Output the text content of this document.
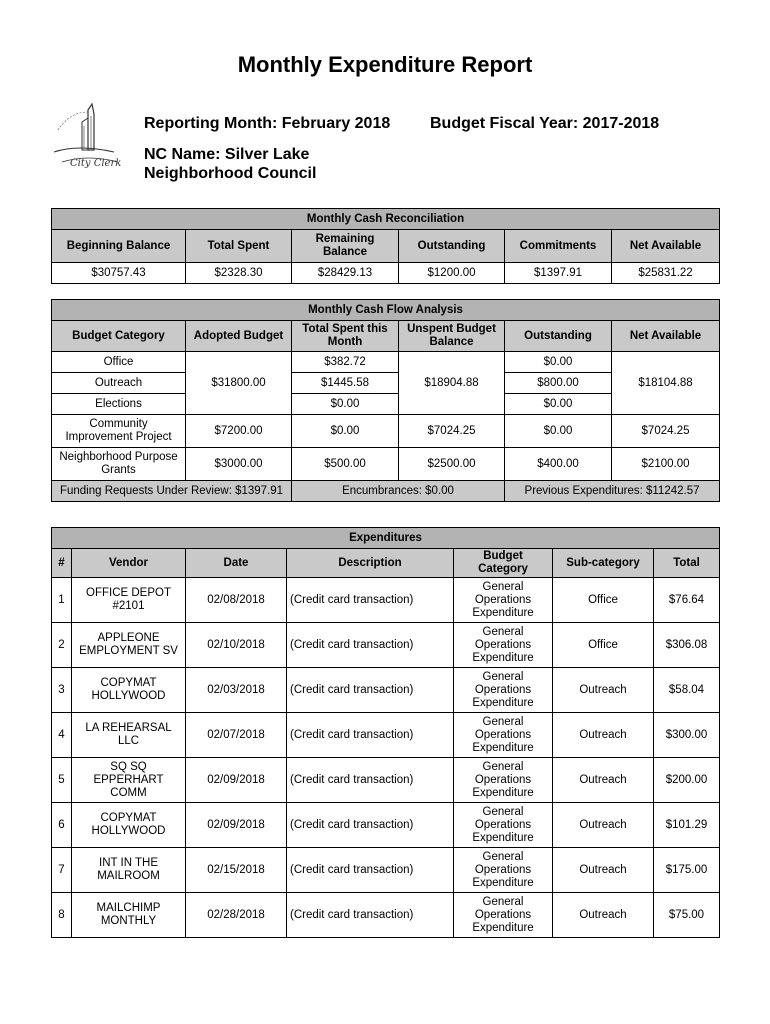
Monthly Expenditure Report
City Clerk
Reporting Month: February 2018 Budget Fiscal Year: 2017-2018
NC Name: Silver Lake
Neighborhood Council
Monthly Cash Reconciliation					
Beginning Balance	Total Spent	Remaining Balance	Outstanding	Commitments	Net Available
$30757.43	$2328.30	$28429.13	$1200.00	$1397.91	$25831.22
Monthly Cash Flow Analysis					
Budget Category	Adopted Budget	Total Spent this Month	Unspent Budget Balance	Outstanding	Net Available
Office	$31800.00	$382.72	$18904.88	$0.00	$18104.88
Outreach		$1445.58		$800.00	
Elections		$0.00		$0.00	
Community Improvement Project	$7200.00	$0.00	$7024.25	$0.00	$7024.25
Neighborhood Purpose Grants	$3000.00	$500.00	$2500.00	$400.00	$2100.00
Funding Requests Under Review: $1397.91		Encumbrances: $0.00		Previous Expenditures: $11242.57	
Expenditures						
#	Vendor	Date	Description	Budget Category	Sub-category	Total
1	OFFICE DEPOT #2101	02/08/2018	(Credit card transaction)	General Operations Expenditure	Office	$76.64
2	APPLEONE EMPLOYMENT SV	02/10/2018	(Credit card transaction)	General Operations Expenditure	Office	$306.08
3	COPYMAT HOLLYWOOD	02/03/2018	(Credit card transaction)	General Operations Expenditure	Outreach	$58.04
4	LA REHEARSAL LLC	02/07/2018	(Credit card transaction)	General Operations Expenditure	Outreach	$300.00
5	SQ SQ EPPERHART COMM	02/09/2018	(Credit card transaction)	General Operations Expenditure	Outreach	$200.00
6	COPYMAT HOLLYWOOD	02/09/2018	(Credit card transaction)	General Operations Expenditure	Outreach	$101.29
7	INT IN THE MAILROOM	02/15/2018	(Credit card transaction)	General Operations Expenditure	Outreach	$175.00
8	MAILCHIMP MONTHLY	02/28/2018	(Credit card transaction)	General Operations Expenditure	Outreach	$75.00
